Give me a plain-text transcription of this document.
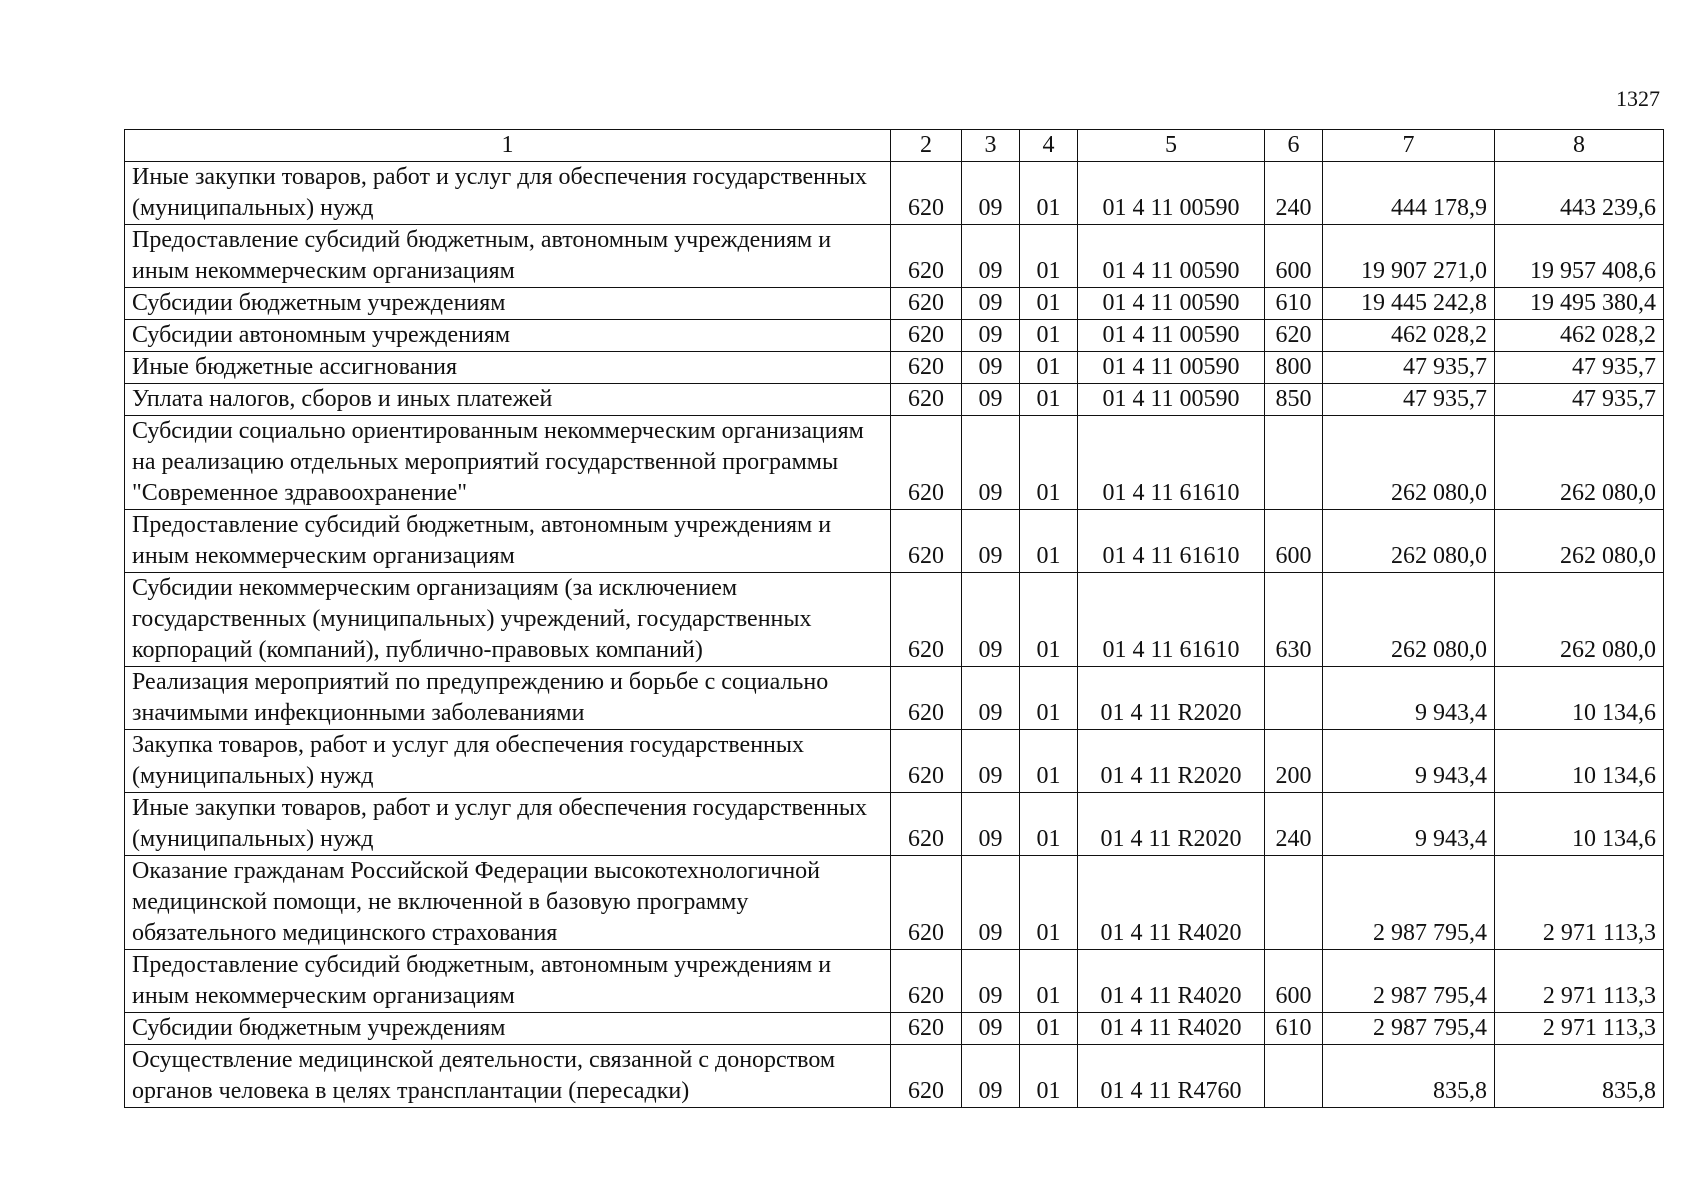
1327
1	2	3	4	5	6	7	8
Иные закупки товаров, работ и услуг для обеспечения государственных (муниципальных) нужд	620	09	01	01 4 11 00590	240	444 178,9	443 239,6
Предоставление субсидий бюджетным, автономным учреждениям и иным некоммерческим организациям	620	09	01	01 4 11 00590	600	19 907 271,0	19 957 408,6
Субсидии бюджетным учреждениям	620	09	01	01 4 11 00590	610	19 445 242,8	19 495 380,4
Субсидии автономным учреждениям	620	09	01	01 4 11 00590	620	462 028,2	462 028,2
Иные бюджетные ассигнования	620	09	01	01 4 11 00590	800	47 935,7	47 935,7
Уплата налогов, сборов и иных платежей	620	09	01	01 4 11 00590	850	47 935,7	47 935,7
Субсидии социально ориентированным некоммерческим организациям на реализацию отдельных мероприятий государственной программы "Современное здравоохранение"	620	09	01	01 4 11 61610		262 080,0	262 080,0
Предоставление субсидий бюджетным, автономным учреждениям и иным некоммерческим организациям	620	09	01	01 4 11 61610	600	262 080,0	262 080,0
Субсидии некоммерческим организациям (за исключением государственных (муниципальных) учреждений, государственных корпораций (компаний), публично-правовых компаний)	620	09	01	01 4 11 61610	630	262 080,0	262 080,0
Реализация мероприятий по предупреждению и борьбе с социально значимыми инфекционными заболеваниями	620	09	01	01 4 11 R2020		9 943,4	10 134,6
Закупка товаров, работ и услуг для обеспечения государственных (муниципальных) нужд	620	09	01	01 4 11 R2020	200	9 943,4	10 134,6
Иные закупки товаров, работ и услуг для обеспечения государственных (муниципальных) нужд	620	09	01	01 4 11 R2020	240	9 943,4	10 134,6
Оказание гражданам Российской Федерации высокотехнологичной медицинской помощи, не включенной в базовую программу обязательного медицинского страхования	620	09	01	01 4 11 R4020		2 987 795,4	2 971 113,3
Предоставление субсидий бюджетным, автономным учреждениям и иным некоммерческим организациям	620	09	01	01 4 11 R4020	600	2 987 795,4	2 971 113,3
Субсидии бюджетным учреждениям	620	09	01	01 4 11 R4020	610	2 987 795,4	2 971 113,3
Осуществление медицинской деятельности, связанной с донорством органов человека в целях трансплантации (пересадки)	620	09	01	01 4 11 R4760		835,8	835,8
